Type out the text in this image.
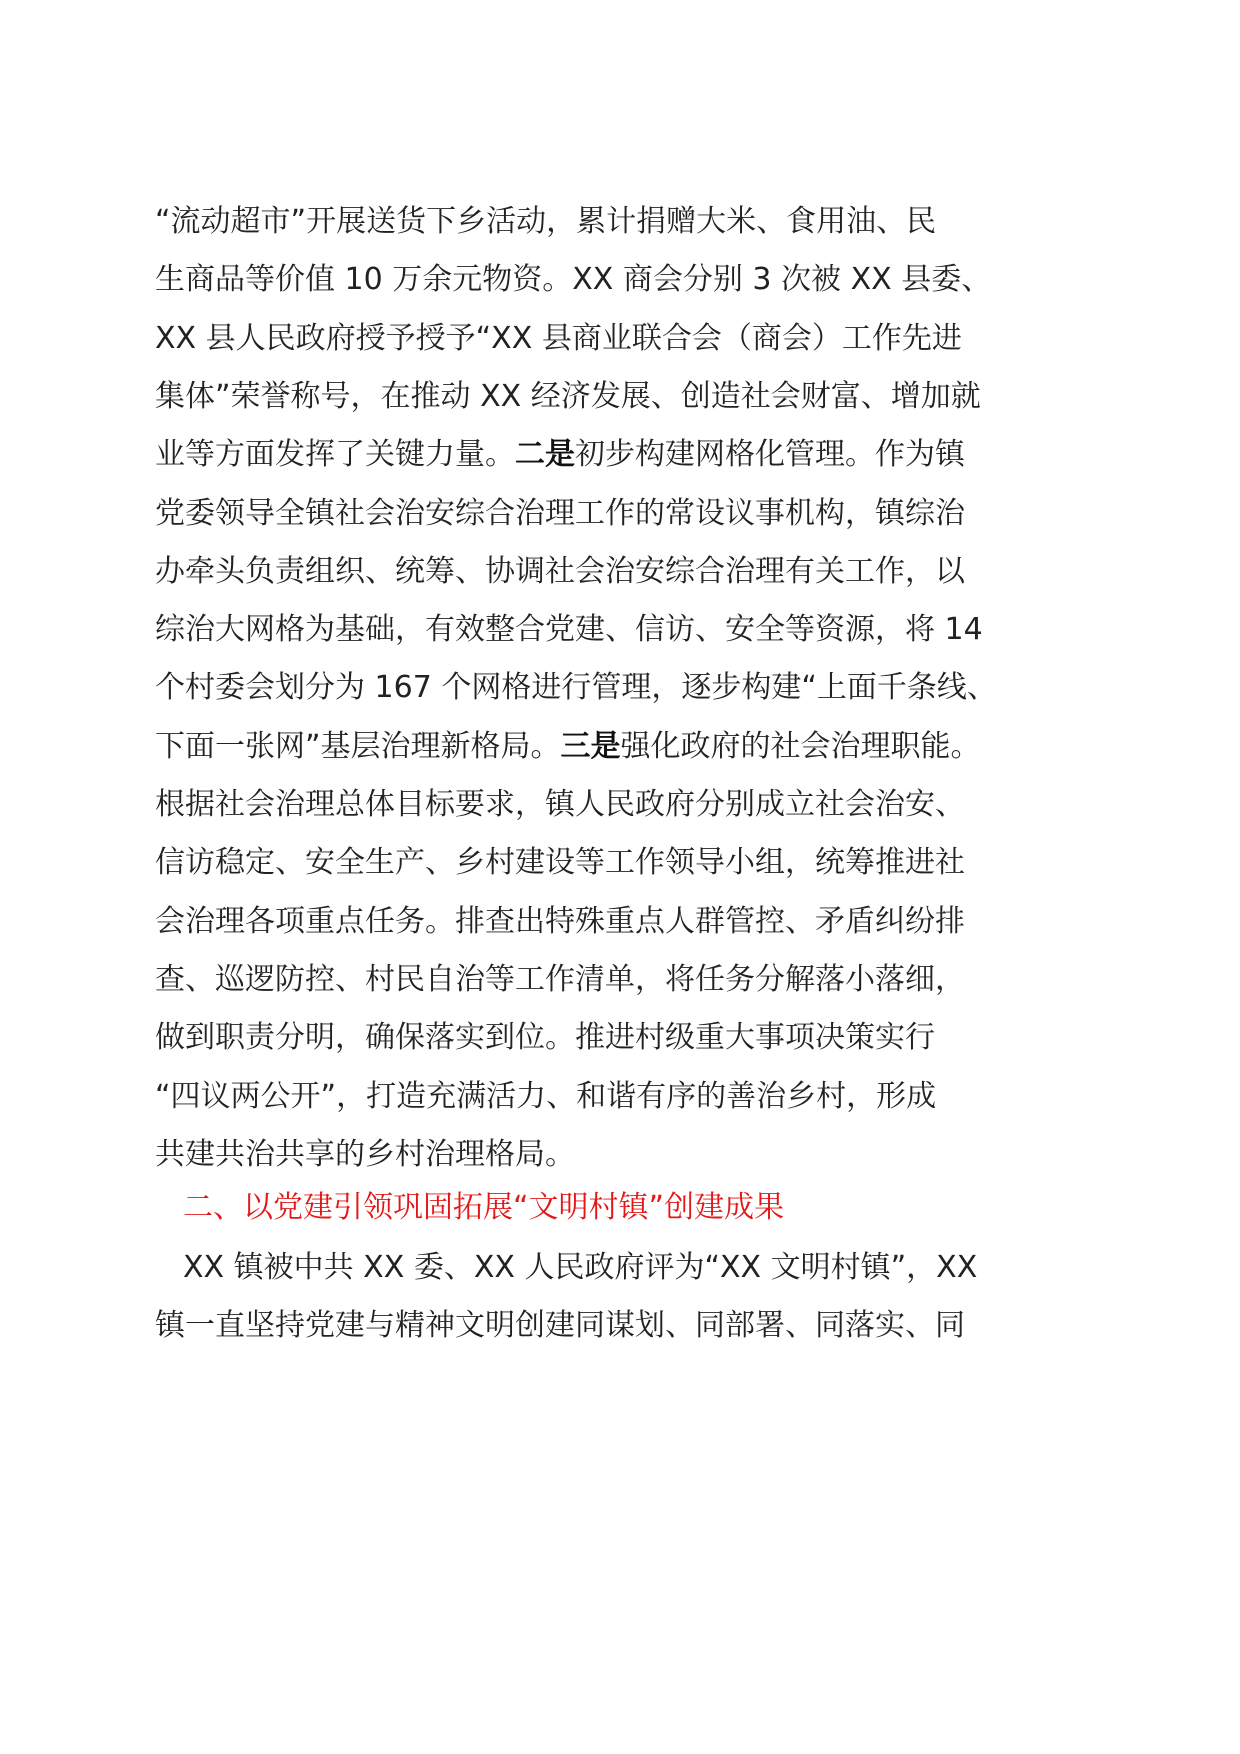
“流动超市”开展送货下乡活动，累计捐赠大米、食用油、民
生商品等价值 10 万余元物资。XX 商会分别 3 次被 XX 县委、
XX 县人民政府授予授予“XX 县商业联合会（商会）工作先进
集体”荣誉称号，在推动 XX 经济发展、创造社会财富、增加就
业等方面发挥了关键力量。二是初步构建网格化管理。作为镇
党委领导全镇社会治安综合治理工作的常设议事机构，镇综治
办牵头负责组织、统筹、协调社会治安综合治理有关工作，以
综治大网格为基础，有效整合党建、信访、安全等资源，将 14
个村委会划分为 167 个网格进行管理，逐步构建“上面千条线、
下面一张网”基层治理新格局。三是强化政府的社会治理职能。
根据社会治理总体目标要求，镇人民政府分别成立社会治安、
信访稳定、安全生产、乡村建设等工作领导小组，统筹推进社
会治理各项重点任务。排查出特殊重点人群管控、矛盾纠纷排
查、巡逻防控、村民自治等工作清单，将任务分解落小落细，
做到职责分明，确保落实到位。推进村级重大事项决策实行
“四议两公开”，打造充满活力、和谐有序的善治乡村，形成
共建共治共享的乡村治理格局。
二、以党建引领巩固拓展“文明村镇”创建成果
XX 镇被中共 XX 委、XX 人民政府评为“XX 文明村镇”，XX
镇一直坚持党建与精神文明创建同谋划、同部署、同落实、同
